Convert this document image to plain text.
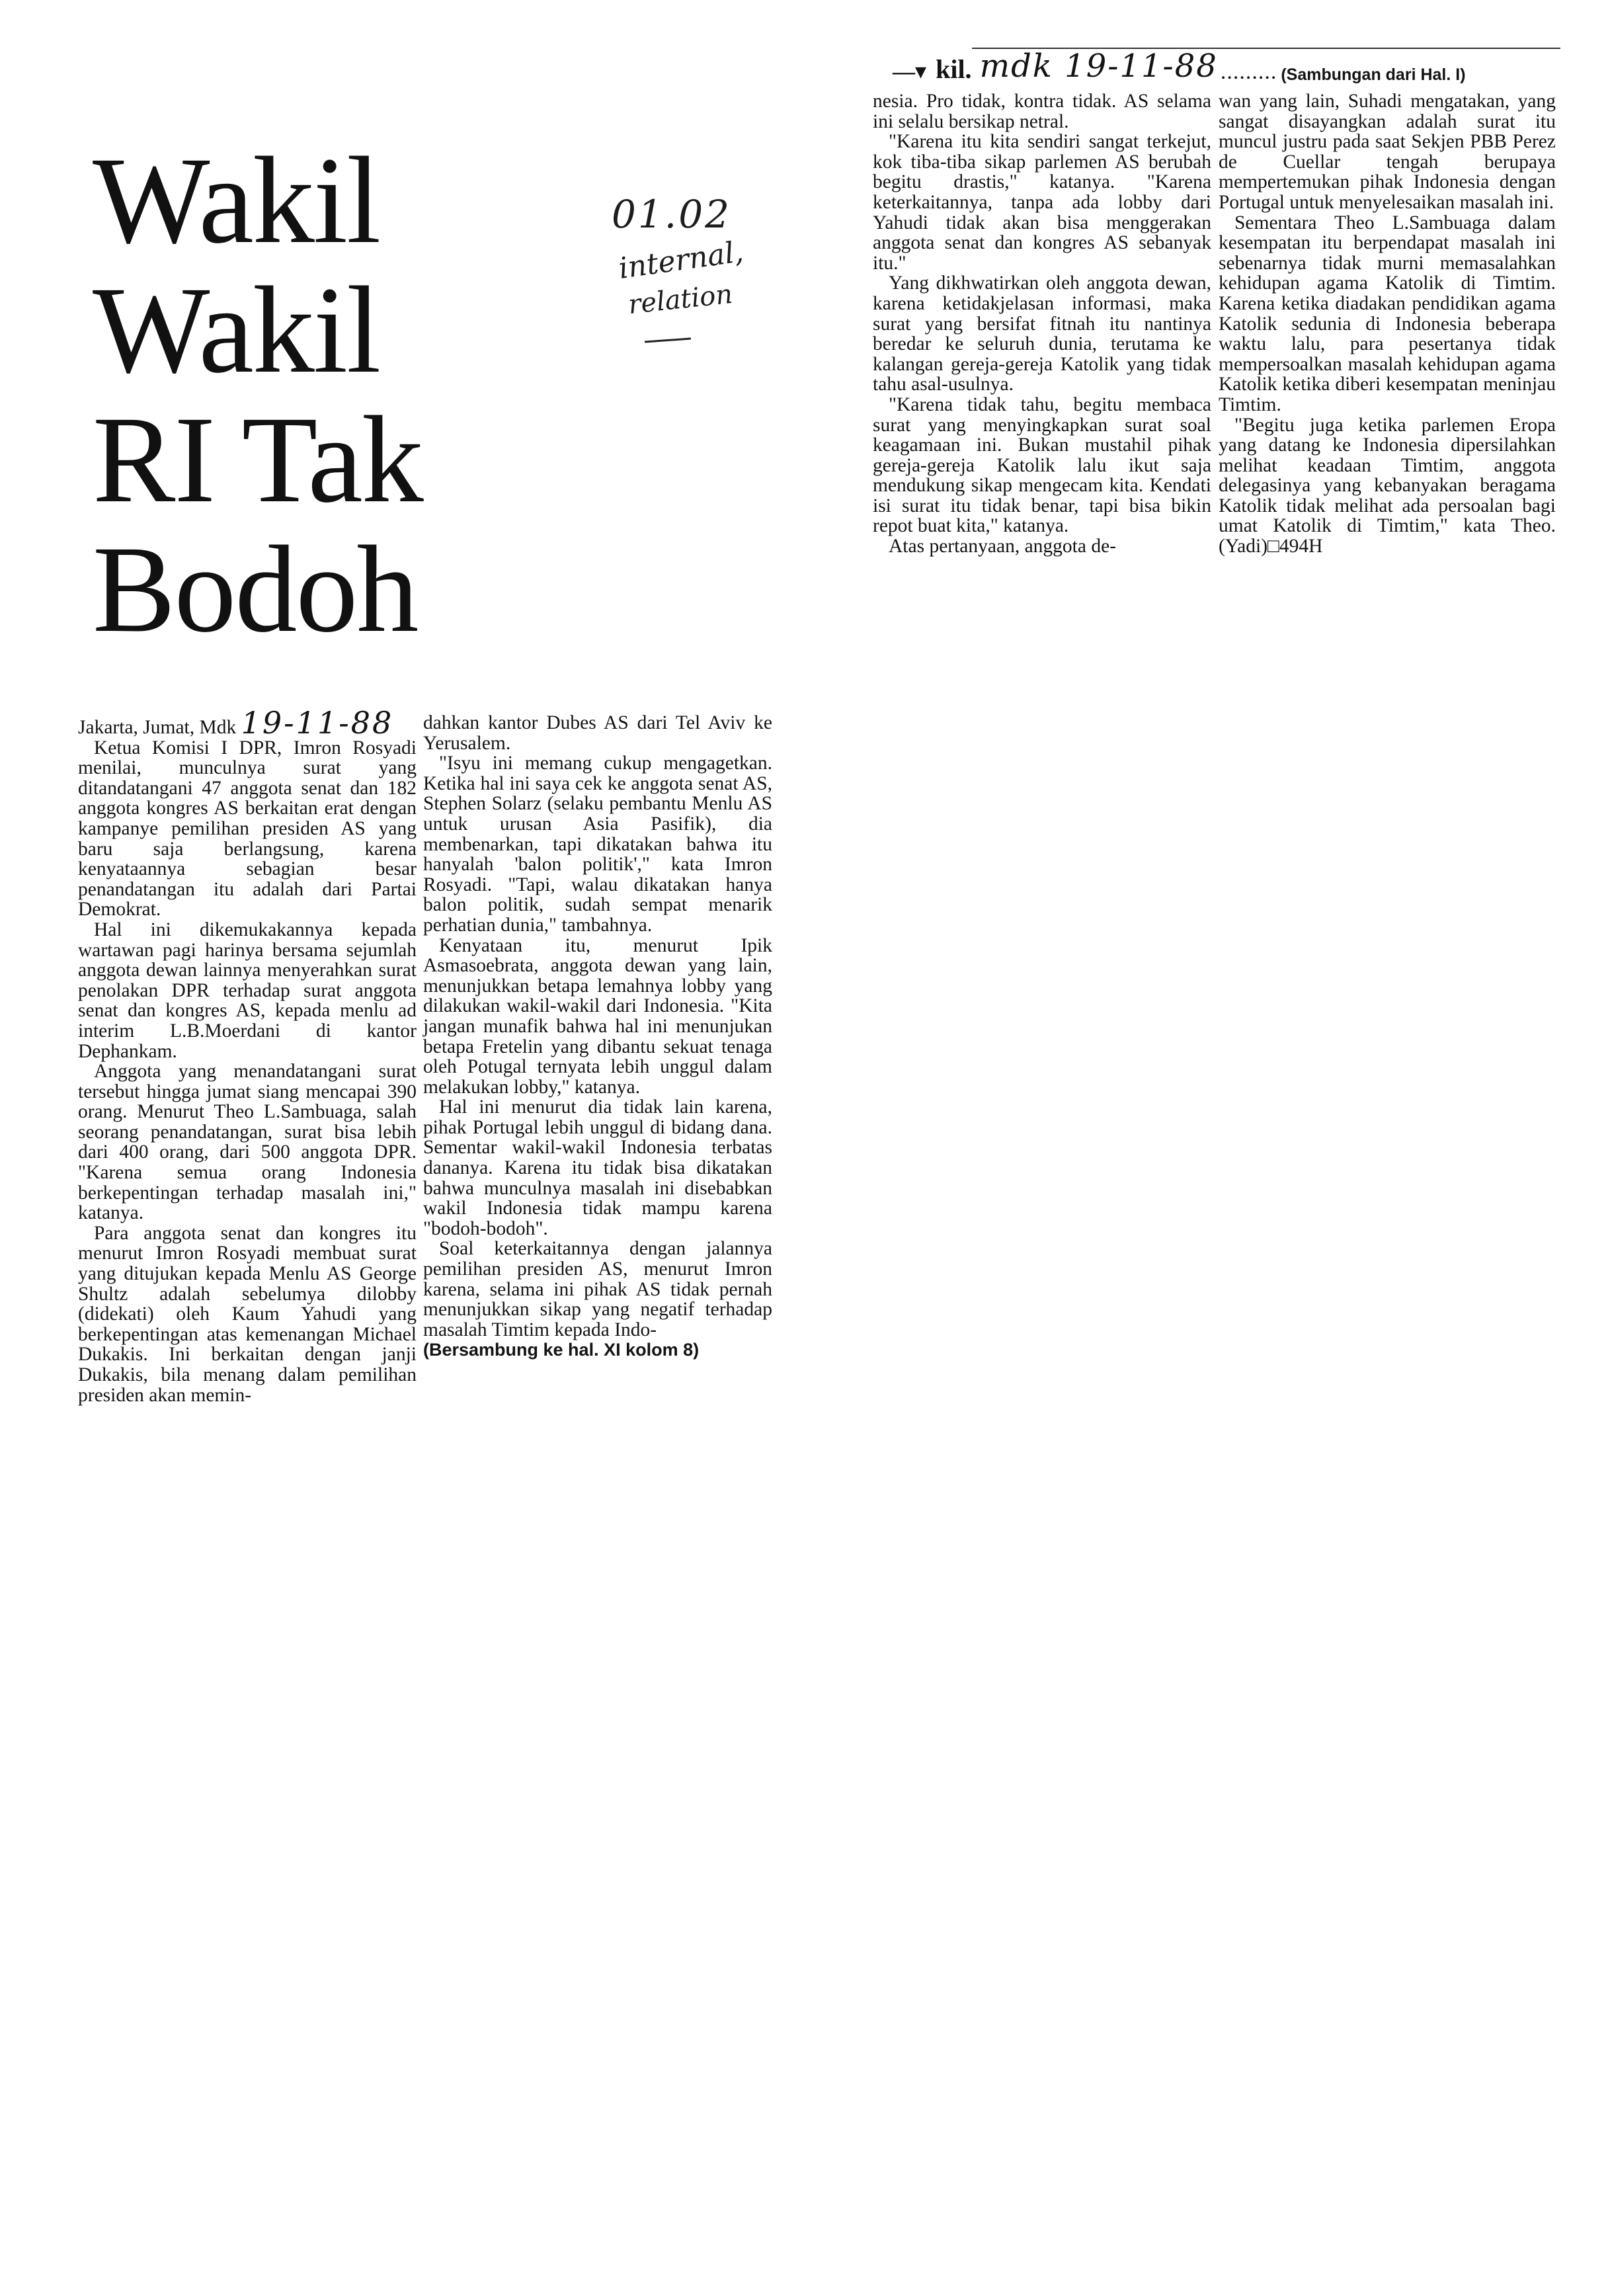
Wakil
Wakil
RI Tak
Bodoh
01.02
internal,
relation
—▾ kil. mdk 19-11-88 ......... (Sambungan dari Hal. I)

Jakarta, Jumat, Mdk 19-11-88

Ketua Komisi I DPR, Imron Rosyadi menilai, munculnya surat yang ditandatangani 47 anggota senat dan 182 anggota kongres AS berkaitan erat dengan kampanye pemilihan presiden AS yang baru saja berlangsung, karena kenyataannya sebagian besar penandatangan itu adalah dari Partai Demokrat.

Hal ini dikemukakannya kepada wartawan pagi harinya bersama sejumlah anggota dewan lainnya menyerahkan surat penolakan DPR terhadap surat anggota senat dan kongres AS, kepada menlu ad interim L.B.Moerdani di kantor Dephankam.

Anggota yang menandatangani surat tersebut hingga jumat siang mencapai 390 orang. Menurut Theo L.Sambuaga, salah seorang penandatangan, surat bisa lebih dari 400 orang, dari 500 anggota DPR. "Karena semua orang Indonesia berkepentingan terhadap masalah ini," katanya.

Para anggota senat dan kongres itu menurut Imron Rosyadi membuat surat yang ditujukan kepada Menlu AS George Shultz adalah sebelumya dilobby (didekati) oleh Kaum Yahudi yang berkepentingan atas kemenangan Michael Dukakis. Ini berkaitan dengan janji Dukakis, bila menang dalam pemilihan presiden akan memin-

dahkan kantor Dubes AS dari Tel Aviv ke Yerusalem.

"Isyu ini memang cukup mengagetkan. Ketika hal ini saya cek ke anggota senat AS, Stephen Solarz (selaku pembantu Menlu AS untuk urusan Asia Pasifik), dia membenarkan, tapi dikatakan bahwa itu hanyalah 'balon politik'," kata Imron Rosyadi. "Tapi, walau dikatakan hanya balon politik, sudah sempat menarik perhatian dunia," tambahnya.

Kenyataan itu, menurut Ipik Asmasoebrata, anggota dewan yang lain, menunjukkan betapa lemahnya lobby yang dilakukan wakil-wakil dari Indonesia. "Kita jangan munafik bahwa hal ini menunjukan betapa Fretelin yang dibantu sekuat tenaga oleh Potugal ternyata lebih unggul dalam melakukan lobby," katanya.

Hal ini menurut dia tidak lain karena, pihak Portugal lebih unggul di bidang dana. Sementar wakil-wakil Indonesia terbatas dananya. Karena itu tidak bisa dikatakan bahwa munculnya masalah ini disebabkan wakil Indonesia tidak mampu karena "bodoh-bodoh".

Soal keterkaitannya dengan jalannya pemilihan presiden AS, menurut Imron karena, selama ini pihak AS tidak pernah menunjukkan sikap yang negatif terhadap masalah Timtim kepada Indo-

(Bersambung ke hal. XI kolom 8)

nesia. Pro tidak, kontra tidak. AS selama ini selalu bersikap netral.

"Karena itu kita sendiri sangat terkejut, kok tiba-tiba sikap parlemen AS berubah begitu drastis," katanya. "Karena keterkaitannya, tanpa ada lobby dari Yahudi tidak akan bisa menggerakan anggota senat dan kongres AS sebanyak itu."

Yang dikhwatirkan oleh anggota dewan, karena ketidakjelasan informasi, maka surat yang bersifat fitnah itu nantinya beredar ke seluruh dunia, terutama ke kalangan gereja-gereja Katolik yang tidak tahu asal-usulnya.

"Karena tidak tahu, begitu membaca surat yang menyingkapkan surat soal keagamaan ini. Bukan mustahil pihak gereja-gereja Katolik lalu ikut saja mendukung sikap mengecam kita. Kendati isi surat itu tidak benar, tapi bisa bikin repot buat kita," katanya.

Atas pertanyaan, anggota de-

wan yang lain, Suhadi mengatakan, yang sangat disayangkan adalah surat itu muncul justru pada saat Sekjen PBB Perez de Cuellar tengah berupaya mempertemukan pihak Indonesia dengan Portugal untuk menyelesaikan masalah ini.

Sementara Theo L.Sambuaga dalam kesempatan itu berpendapat masalah ini sebenarnya tidak murni memasalahkan kehidupan agama Katolik di Timtim. Karena ketika diadakan pendidikan agama Katolik sedunia di Indonesia beberapa waktu lalu, para pesertanya tidak mempersoalkan masalah kehidupan agama Katolik ketika diberi kesempatan meninjau Timtim.

"Begitu juga ketika parlemen Eropa yang datang ke Indonesia dipersilahkan melihat keadaan Timtim, anggota delegasinya yang kebanyakan beragama Katolik tidak melihat ada persoalan bagi umat Katolik di Timtim," kata Theo. (Yadi)□494H
